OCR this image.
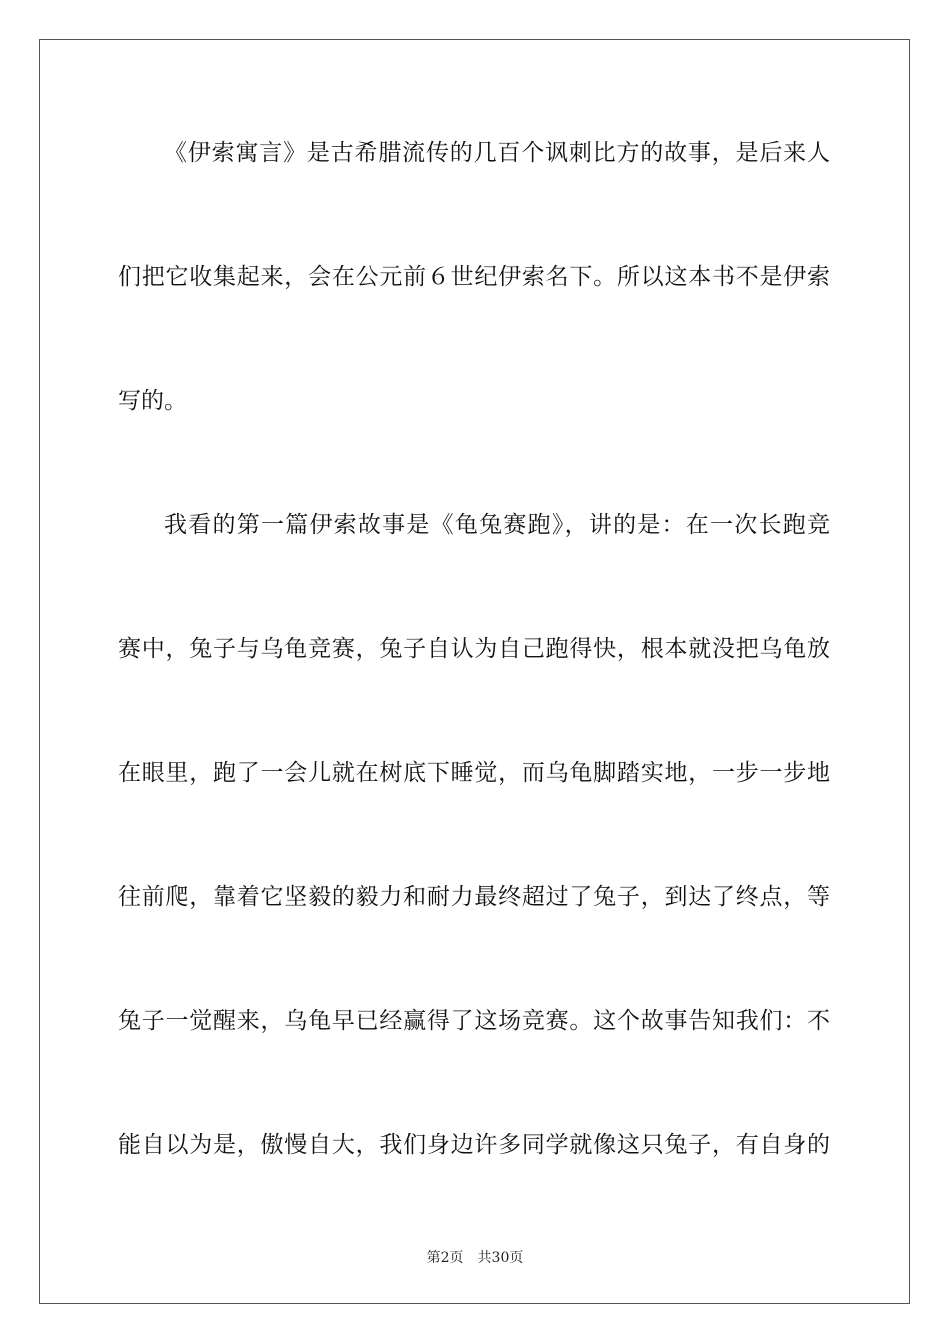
《伊索寓言》是古希腊流传的几百个讽刺比方的故事，是后来人

们把它收集起来，会在公元前６世纪伊索名下。所以这本书不是伊索

写的。

我看的第一篇伊索故事是《龟兔赛跑》，讲的是：在一次长跑竞

赛中，兔子与乌龟竞赛，兔子自认为自己跑得快，根本就没把乌龟放

在眼里，跑了一会儿就在树底下睡觉，而乌龟脚踏实地，一步一步地

往前爬，靠着它坚毅的毅力和耐力最终超过了兔子，到达了终点，等

兔子一觉醒来，乌龟早已经赢得了这场竞赛。这个故事告知我们：不

能自以为是，傲慢自大，我们身边许多同学就像这只兔子，有自身的

第2页 共30页
